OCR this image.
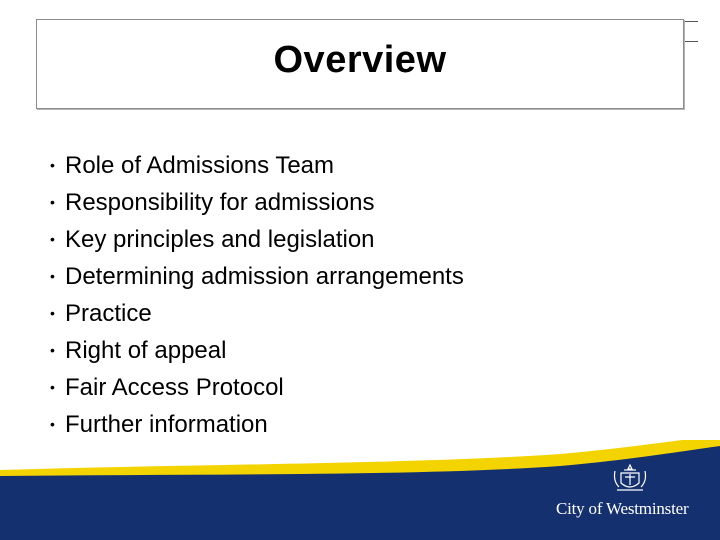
Overview
• Role of Admissions Team
• Responsibility for admissions
• Key principles and legislation
• Determining admission arrangements
• Practice
• Right of appeal
• Fair Access Protocol
• Further information
City of Westminster
